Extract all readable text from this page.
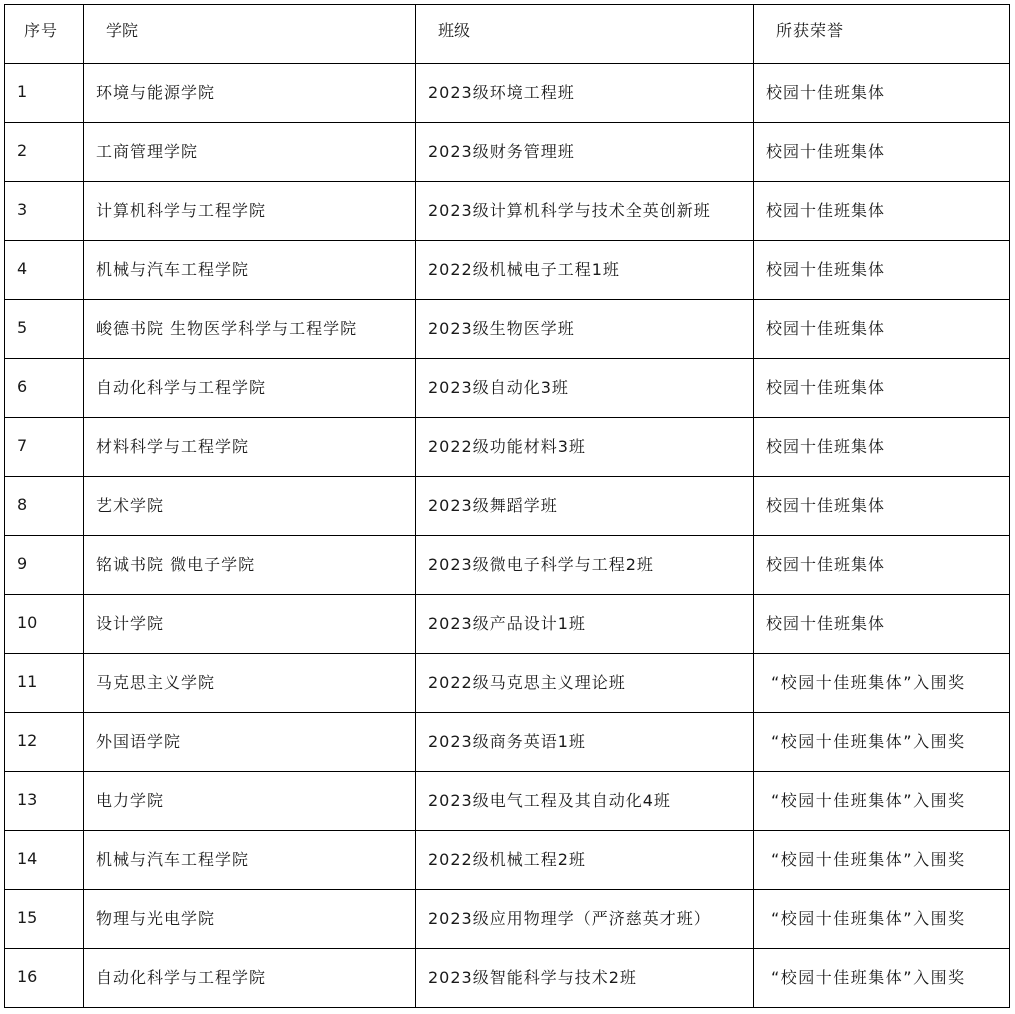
序号	学院	班级	所获荣誉

1	环境与能源学院	2023级环境工程班	校园十佳班集体

2	工商管理学院	2023级财务管理班	校园十佳班集体

3	计算机科学与工程学院	2023级计算机科学与技术全英创新班	校园十佳班集体

4	机械与汽车工程学院	2022级机械电子工程1班	校园十佳班集体

5	峻德书院 生物医学科学与工程学院	2023级生物医学班	校园十佳班集体

6	自动化科学与工程学院	2023级自动化3班	校园十佳班集体

7	材料科学与工程学院	2022级功能材料3班	校园十佳班集体

8	艺术学院	2023级舞蹈学班	校园十佳班集体

9	铭诚书院 微电子学院	2023级微电子科学与工程2班	校园十佳班集体

10	设计学院	2023级产品设计1班	校园十佳班集体

11	马克思主义学院	2022级马克思主义理论班	“校园十佳班集体”入围奖

12	外国语学院	2023级商务英语1班	“校园十佳班集体”入围奖

13	电力学院	2023级电气工程及其自动化4班	“校园十佳班集体”入围奖

14	机械与汽车工程学院	2022级机械工程2班	“校园十佳班集体”入围奖

15	物理与光电学院	2023级应用物理学（严济慈英才班）	“校园十佳班集体”入围奖

16	自动化科学与工程学院	2023级智能科学与技术2班	“校园十佳班集体”入围奖
